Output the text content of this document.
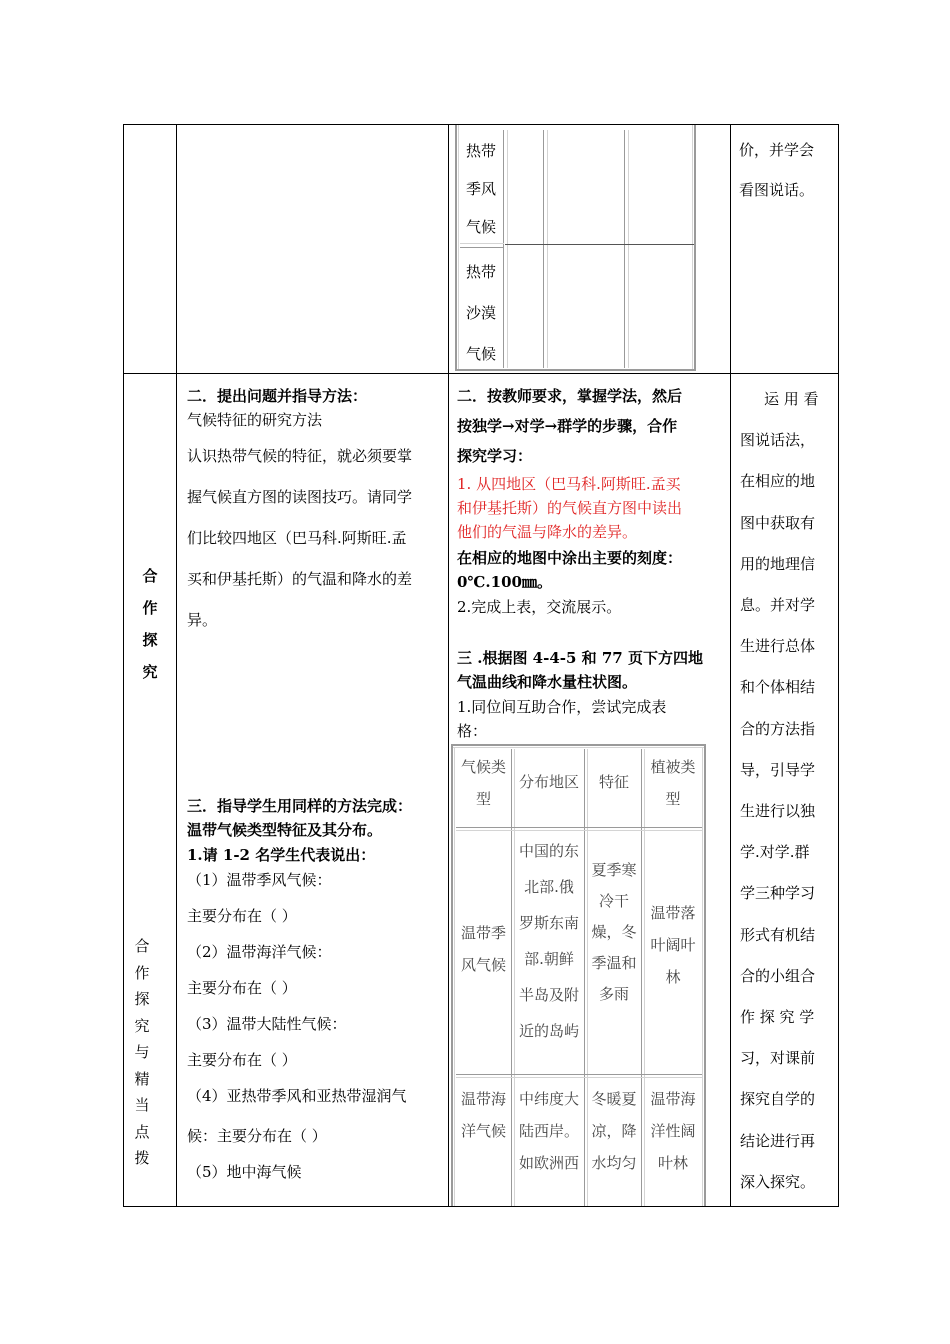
热带
季风
气候
热带
沙漠
气候
价，并学会
看图说话。
合
作
探
究
合
作
探
究
与
精
当
点
拨
二．提出问题并指导方法：
气候特征的研究方法
认识热带气候的特征，就必须要掌
握气候直方图的读图技巧。请同学
们比较四地区（巴马科.阿斯旺.孟
买和伊基托斯）的气温和降水的差
异。
三．指导学生用同样的方法完成：
温带气候类型特征及其分布。
1.请 1-2 名学生代表说出：
（1）温带季风气候：
主要分布在（ ）
（2）温带海洋气候：
主要分布在（ ）
（3）温带大陆性气候：
主要分布在（ ）
（4）亚热带季风和亚热带湿润气
候：主要分布在（ ）
（5）地中海气候
二．按教师要求，掌握学法，然后
按独学→对学→群学的步骤，合作
探究学习：
1. 从四地区（巴马科.阿斯旺.孟买
和伊基托斯）的气候直方图中读出
他们的气温与降水的差异。
在相应的地图中涂出主要的刻度：
0℃.100㎜。
2.完成上表，交流展示。
三 .根据图 4-4-5 和 77 页下方四地
气温曲线和降水量柱状图。
1.同位间互助合作，尝试完成表
格：
气候类
型
分布地区	特征
植被类
型
温带季
风气候
中国的东
北部.俄
罗斯东南
部.朝鲜
半岛及附
近的岛屿
夏季寒
冷干
燥，冬
季温和
多雨
温带落
叶阔叶
林
温带海
洋气候
中纬度大
陆西岸。
如欧洲西
冬暖夏
凉，降
水均匀
温带海
洋性阔
叶林
运 用 看
图说话法，
在相应的地
图中获取有
用的地理信
息。并对学
生进行总体
和个体相结
合的方法指
导，引导学
生进行以独
学.对学.群
学三种学习
形式有机结
合的小组合
作 探 究 学
习，对课前
探究自学的
结论进行再
深入探究。
